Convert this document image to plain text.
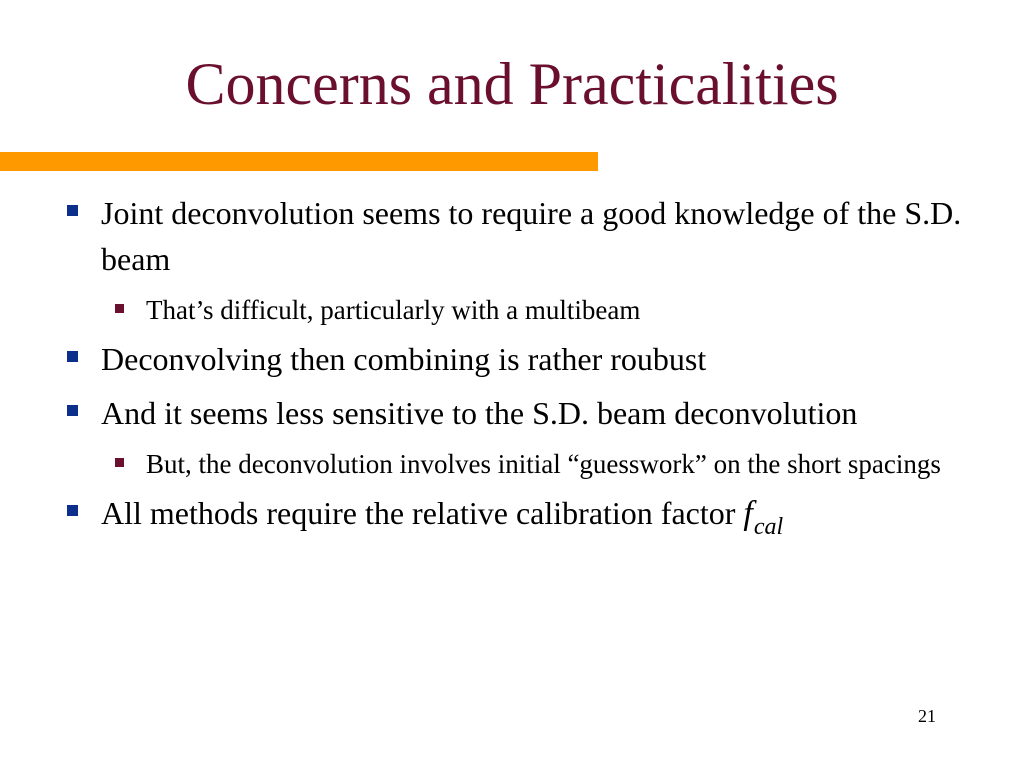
Concerns and Practicalities
Joint deconvolution seems to require a good knowledge of the S.D. beam
That’s difficult, particularly with a multibeam
Deconvolving then combining is rather roubust
And it seems less sensitive to the S.D. beam deconvolution
But, the deconvolution involves initial “guesswork” on the short spacings
All methods require the relative calibration factor $f_{cal}$
21
